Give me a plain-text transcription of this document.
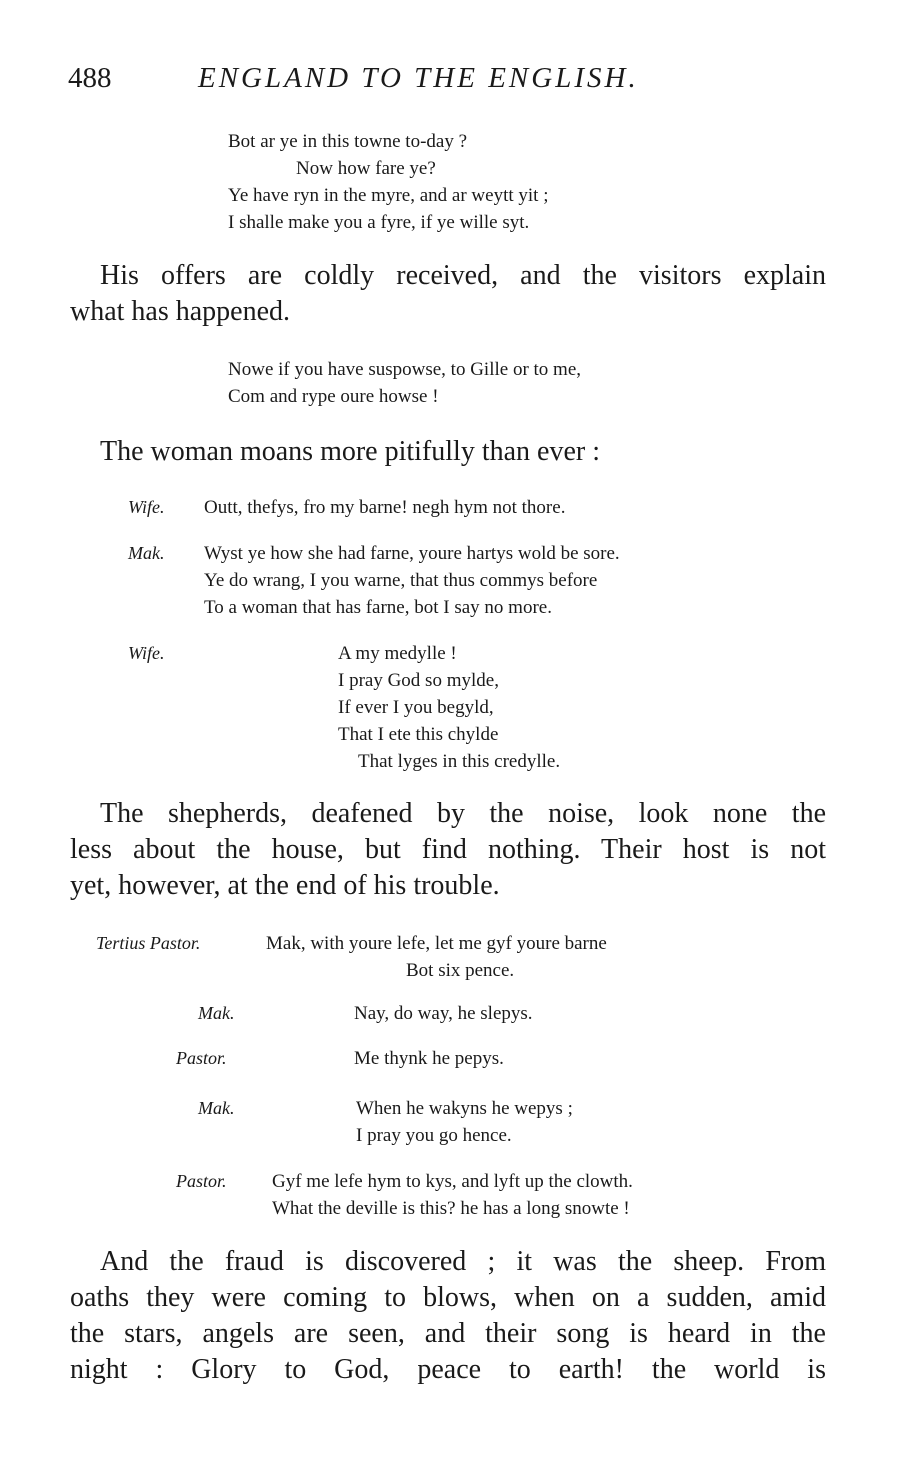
488	ENGLAND TO THE ENGLISH.
Bot ar ye in this towne to-day ?
Now how fare ye?
Ye have ryn in the myre, and ar weytt yit ;
I shalle make you a fyre, if ye wille syt.
His offers are coldly received, and the visitors explain
what has happened.
Nowe if you have suspowse, to Gille or to me,
Com and rype oure howse !
The woman moans more pitifully than ever :
Wife. Outt, thefys, fro my barne! negh hym not thore.
Mak. Wyst ye how she had farne, youre hartys wold be sore.
Ye do wrang, I you warne, that thus commys before
To a woman that has farne, bot I say no more.
Wife.	A my medylle !
I pray God so mylde,
If ever I you begyld,
That I ete this chylde
That lyges in this credylle.
The shepherds, deafened by the noise, look none the
less about the house, but find nothing. Their host is not
yet, however, at the end of his trouble.
Tertius Pastor.	Mak, with youre lefe, let me gyf youre barne
Bot six pence.
Mak.	Nay, do way, he slepys.
Pastor.	Me thynk he pepys.
Mak.	When he wakyns he wepys ;
I pray you go hence.
Pastor. Gyf me lefe hym to kys, and lyft up the clowth.
What the deville is this? he has a long snowte !
And the fraud is discovered ; it was the sheep. From
oaths they were coming to blows, when on a sudden, amid
the stars, angels are seen, and their song is heard in the
night : Glory to God, peace to earth! the world is
